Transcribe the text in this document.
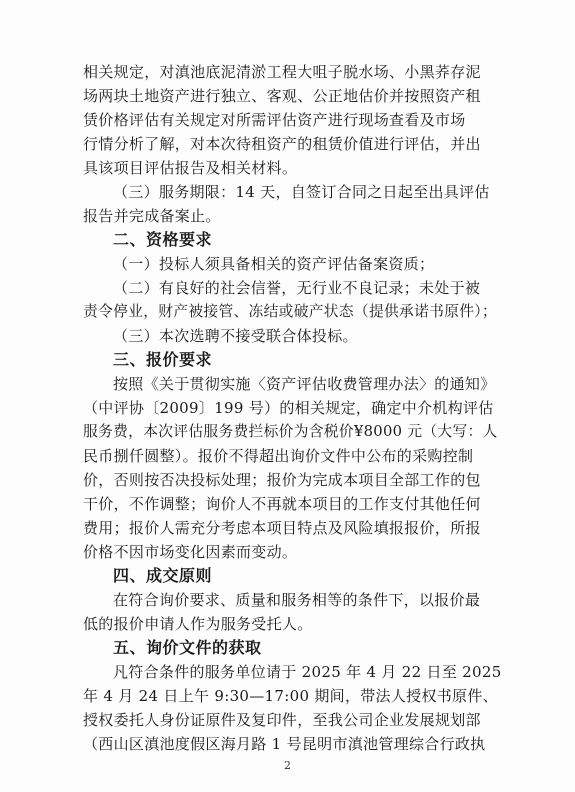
相关规定，对滇池底泥清淤工程大咀子脱水场、小黑荞存泥
场两块土地资产进行独立、客观、公正地估价并按照资产租
赁价格评估有关规定对所需评估资产进行现场查看及市场
行情分析了解，对本次待租资产的租赁价值进行评估，并出
具该项目评估报告及相关材料。
（三）服务期限：14 天，自签订合同之日起至出具评估
报告并完成备案止。
二、资格要求
（一）投标人须具备相关的资产评估备案资质；
（二）有良好的社会信誉，无行业不良记录；未处于被
责令停业，财产被接管、冻结或破产状态（提供承诺书原件）；
（三）本次选聘不接受联合体投标。
三、报价要求
按照《关于贯彻实施〈资产评估收费管理办法〉的通知》
（中评协〔2009〕199 号）的相关规定，确定中介机构评估
服务费，本次评估服务费拦标价为含税价¥8000 元（大写：人
民币捌仟圆整）。报价不得超出询价文件中公布的采购控制
价，否则按否决投标处理；报价为完成本项目全部工作的包
干价，不作调整；询价人不再就本项目的工作支付其他任何
费用；报价人需充分考虑本项目特点及风险填报报价，所报
价格不因市场变化因素而变动。
四、成交原则
在符合询价要求、质量和服务相等的条件下，以报价最
低的报价申请人作为服务受托人。
五、询价文件的获取
凡符合条件的服务单位请于 2025 年 4 月 22 日至 2025
年 4 月 24 日上午 9:30—17:00 期间，带法人授权书原件、
授权委托人身份证原件及复印件，至我公司企业发展规划部
（西山区滇池度假区海月路 1 号昆明市滇池管理综合行政执
2
